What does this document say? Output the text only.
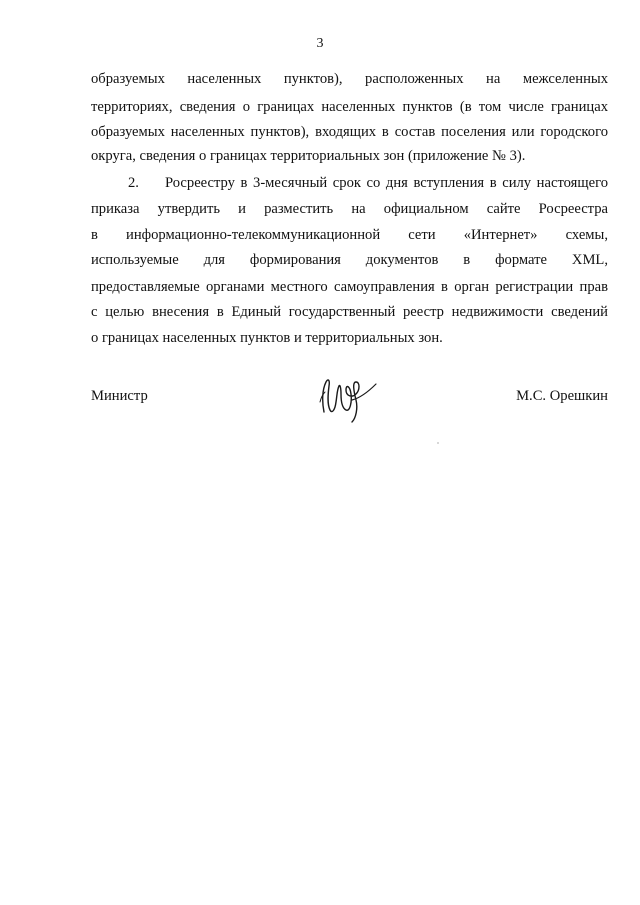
3
образуемых населенных пунктов), расположенных на межселенных
территориях, сведения о границах населенных пунктов (в том числе границах
образуемых населенных пунктов), входящих в состав поселения или городского
округа, сведения о границах территориальных зон (приложение № 3).
2. Росреестру в 3-месячный срок со дня вступления в силу настоящего
приказа утвердить и разместить на официальном сайте Росреестра
в информационно-телекоммуникационной сети «Интернет» схемы,
используемые для формирования документов в формате XML,
предоставляемые органами местного самоуправления в орган регистрации прав
с целью внесения в Единый государственный реестр недвижимости сведений
о границах населенных пунктов и территориальных зон.
Министр	М.С. Орешкин
